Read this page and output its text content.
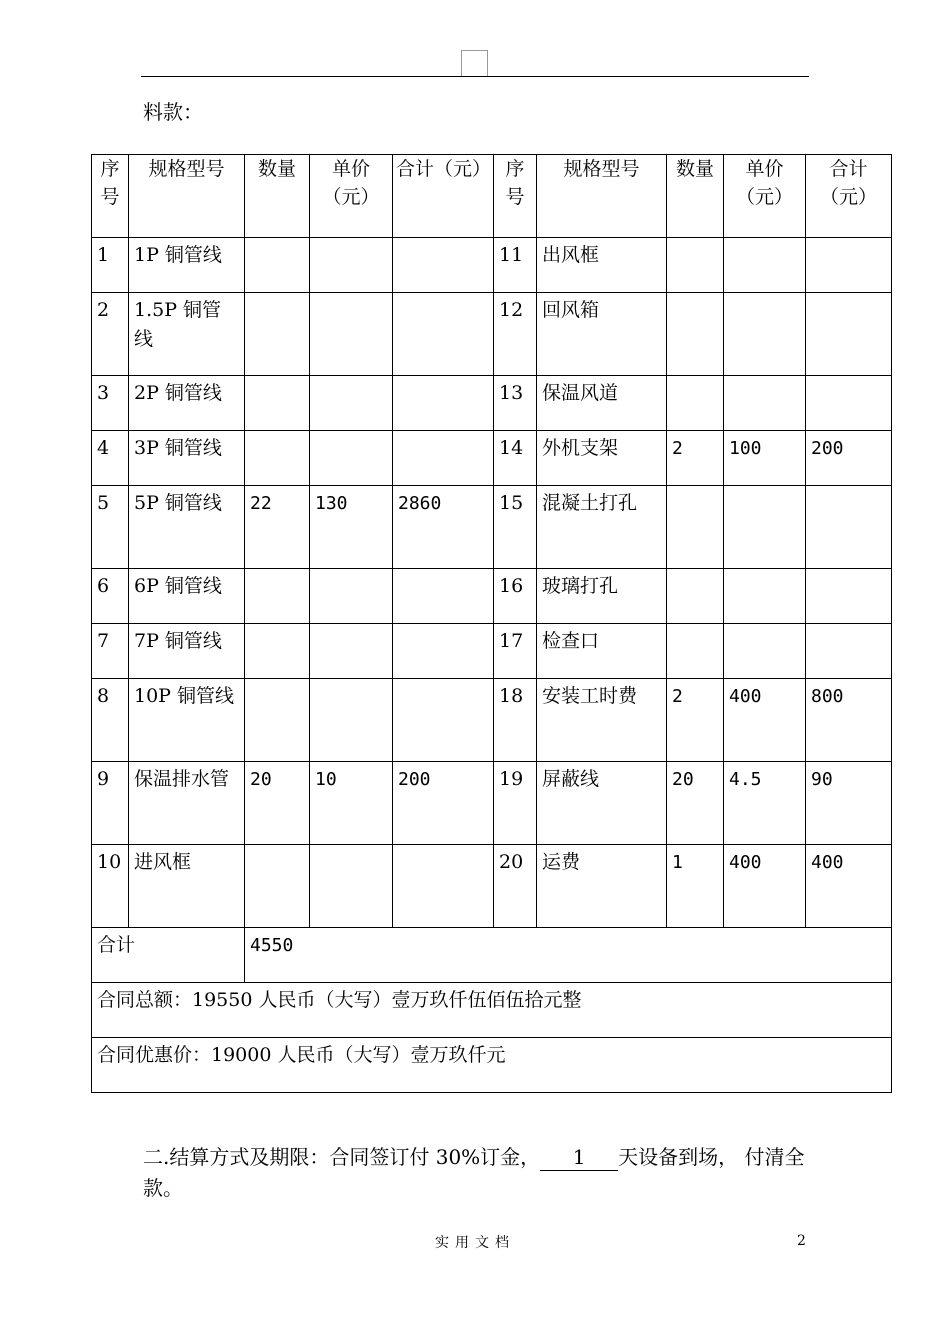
料款：
序号	规格型号	数量	单价（元）	合计（元）	序号	规格型号	数量	单价（元）	合计（元）
1	1P 铜管线				11	出风框			
2	1.5P 铜管线				12	回风箱			
3	2P 铜管线				13	保温风道			
4	3P 铜管线				14	外机支架	2	100	200
5	5P 铜管线	22	130	2860	15	混凝土打孔			
6	6P 铜管线				16	玻璃打孔			
7	7P 铜管线				17	检查口			
8	10P 铜管线				18	安装工时费	2	400	800
9	保温排水管	20	10	200	19	屏蔽线	20	4.5	90
10	进风框				20	运费	1	400	400
合计		4550							
合同总额：19550 人民币（大写）壹万玖仟伍佰伍拾元整									
合同优惠价：19000 人民币（大写）壹万玖仟元									
二.结算方式及期限：合同签订付 30%订金， 1 天设备到场， 付清全款。
实用文档	2
